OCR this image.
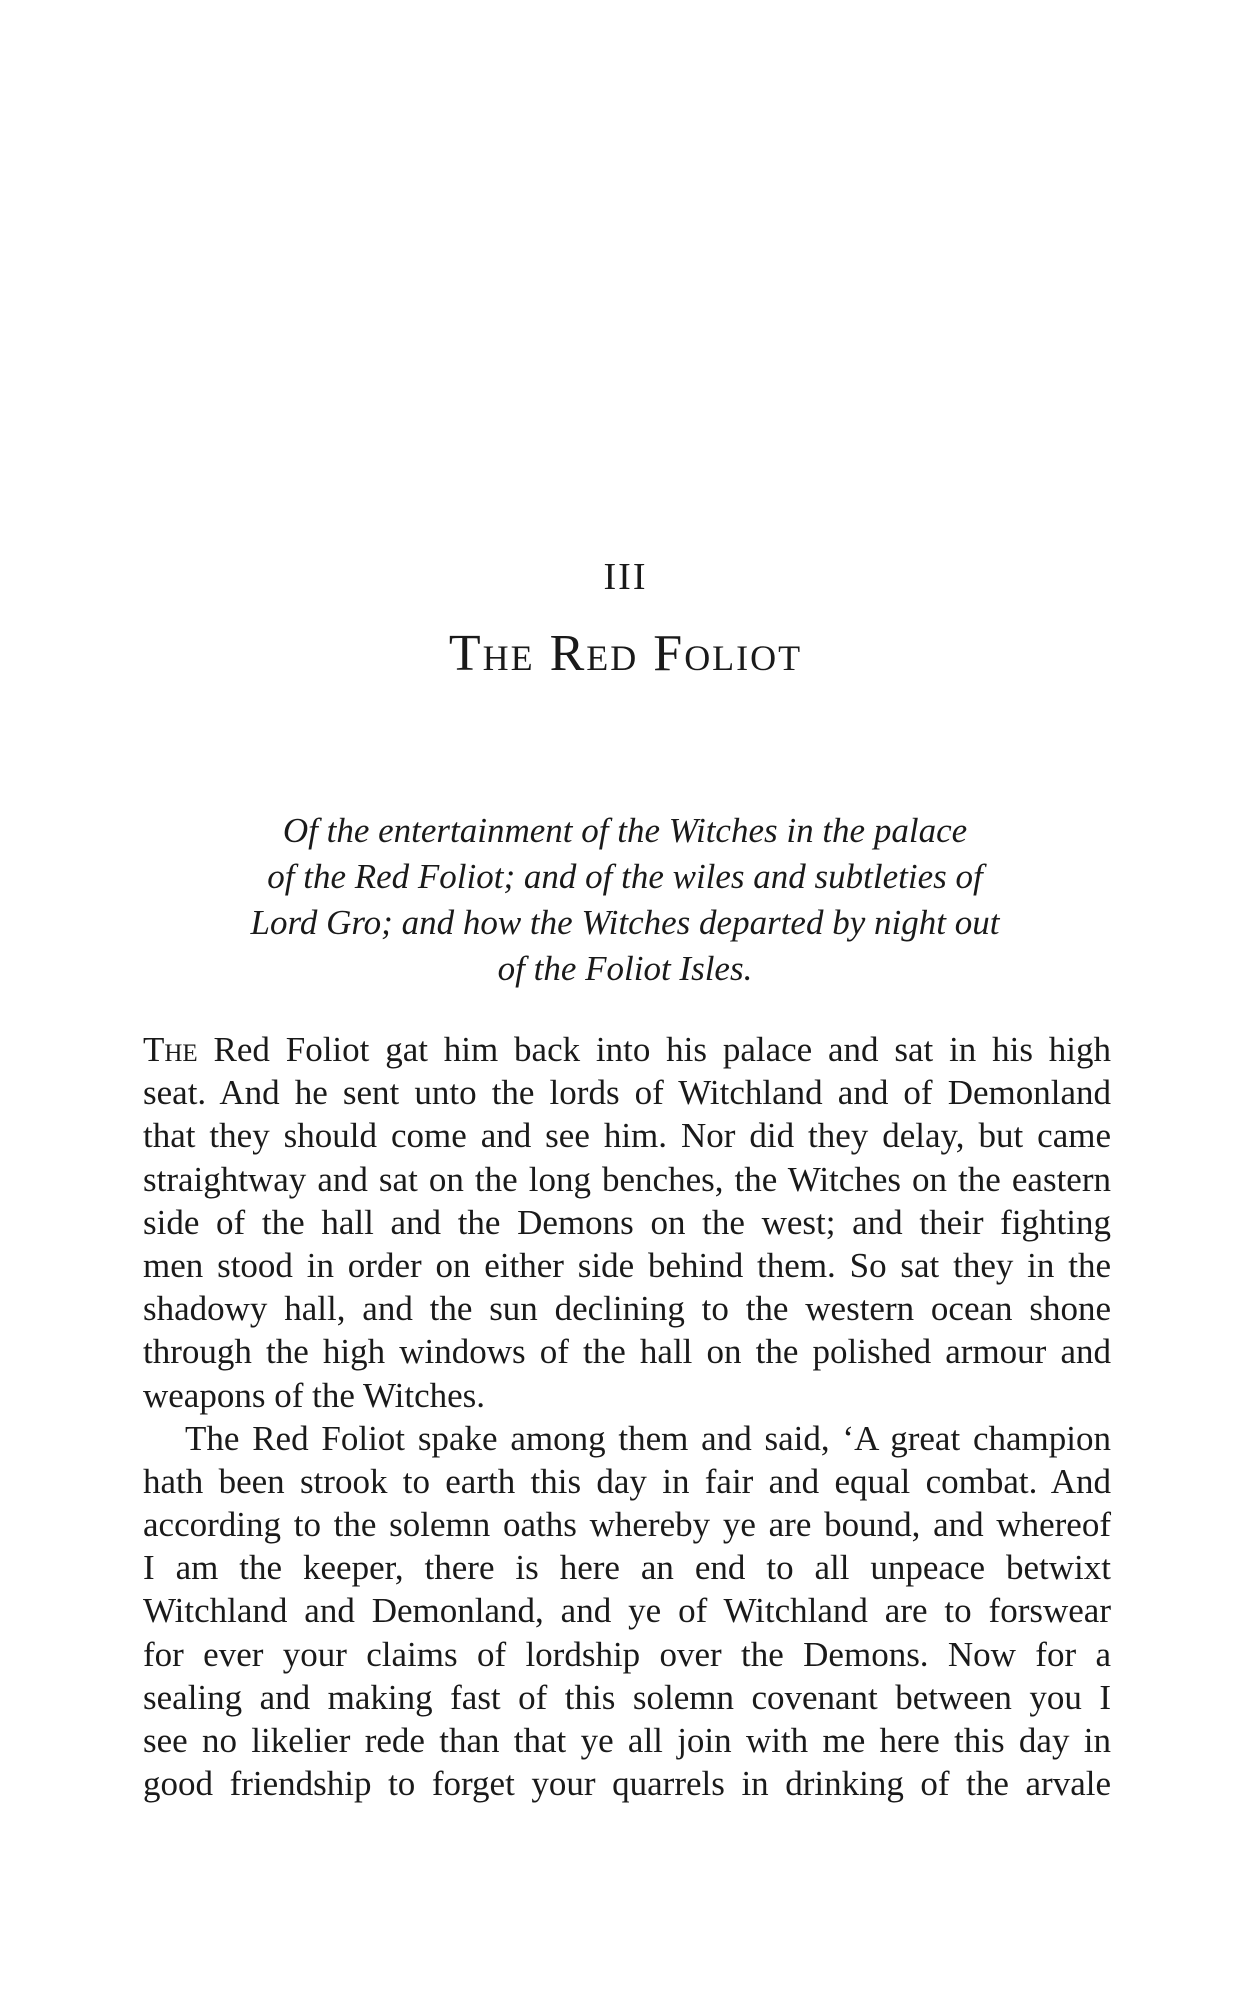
III
The Red Foliot
Of the entertainment of the Witches in the palace
of the Red Foliot; and of the wiles and subtleties of
Lord Gro; and how the Witches departed by night out
of the Foliot Isles.
The Red Foliot gat him back into his palace and sat in his high
seat. And he sent unto the lords of Witchland and of Demonland
that they should come and see him. Nor did they delay, but came
straightway and sat on the long benches, the Witches on the eastern
side of the hall and the Demons on the west; and their fighting
men stood in order on either side behind them. So sat they in the
shadowy hall, and the sun declining to the western ocean shone
through the high windows of the hall on the polished armour and
weapons of the Witches.
The Red Foliot spake among them and said, ‘A great champion
hath been strook to earth this day in fair and equal combat. And
according to the solemn oaths whereby ye are bound, and whereof
I am the keeper, there is here an end to all unpeace betwixt
Witchland and Demonland, and ye of Witchland are to forswear
for ever your claims of lordship over the Demons. Now for a
sealing and making fast of this solemn covenant between you I
see no likelier rede than that ye all join with me here this day in
good friendship to forget your quarrels in drinking of the arvale
